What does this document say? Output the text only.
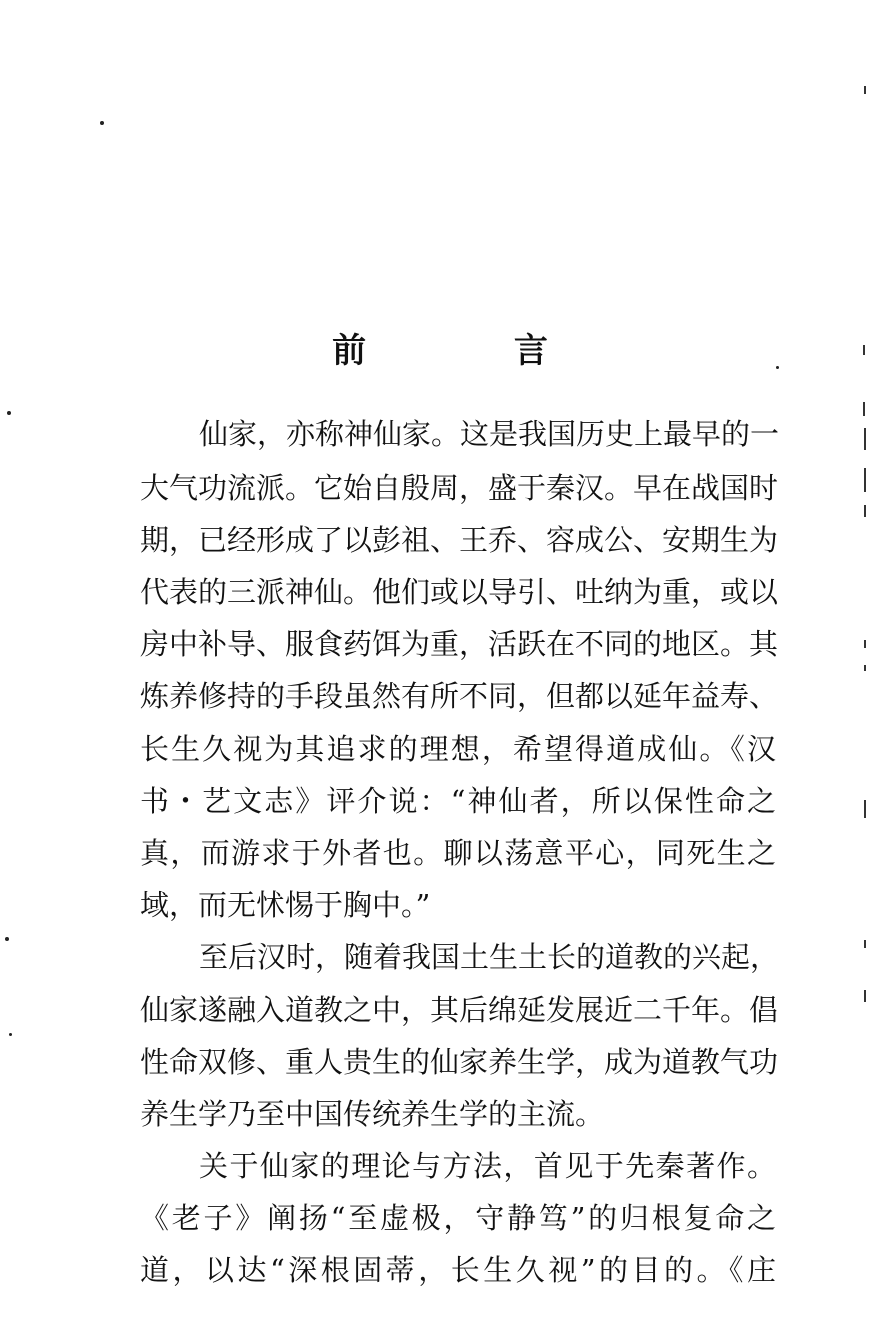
前 言
仙家，亦称神仙家。这是我国历史上最早的一
大气功流派。它始自殷周，盛于秦汉。早在战国时
期，已经形成了以彭祖、王乔、容成公、安期生为
代表的三派神仙。他们或以导引、吐纳为重，或以
房中补导、服食药饵为重，活跃在不同的地区。其
炼养修持的手段虽然有所不同，但都以延年益寿、
长生久视为其追求的理想，希望得道成仙。《汉
书・艺文志》评介说：“神仙者，所以保性命之
真，而游求于外者也。聊以荡意平心，同死生之
域，而无怵惕于胸中。”
至后汉时，随着我国土生土长的道教的兴起，
仙家遂融入道教之中，其后绵延发展近二千年。倡
性命双修、重人贵生的仙家养生学，成为道教气功
养生学乃至中国传统养生学的主流。
关于仙家的理论与方法，首见于先秦著作。
《老子》阐扬“至虚极，守静笃”的归根复命之
道，以达“深根固蒂，长生久视”的目的。《庄
